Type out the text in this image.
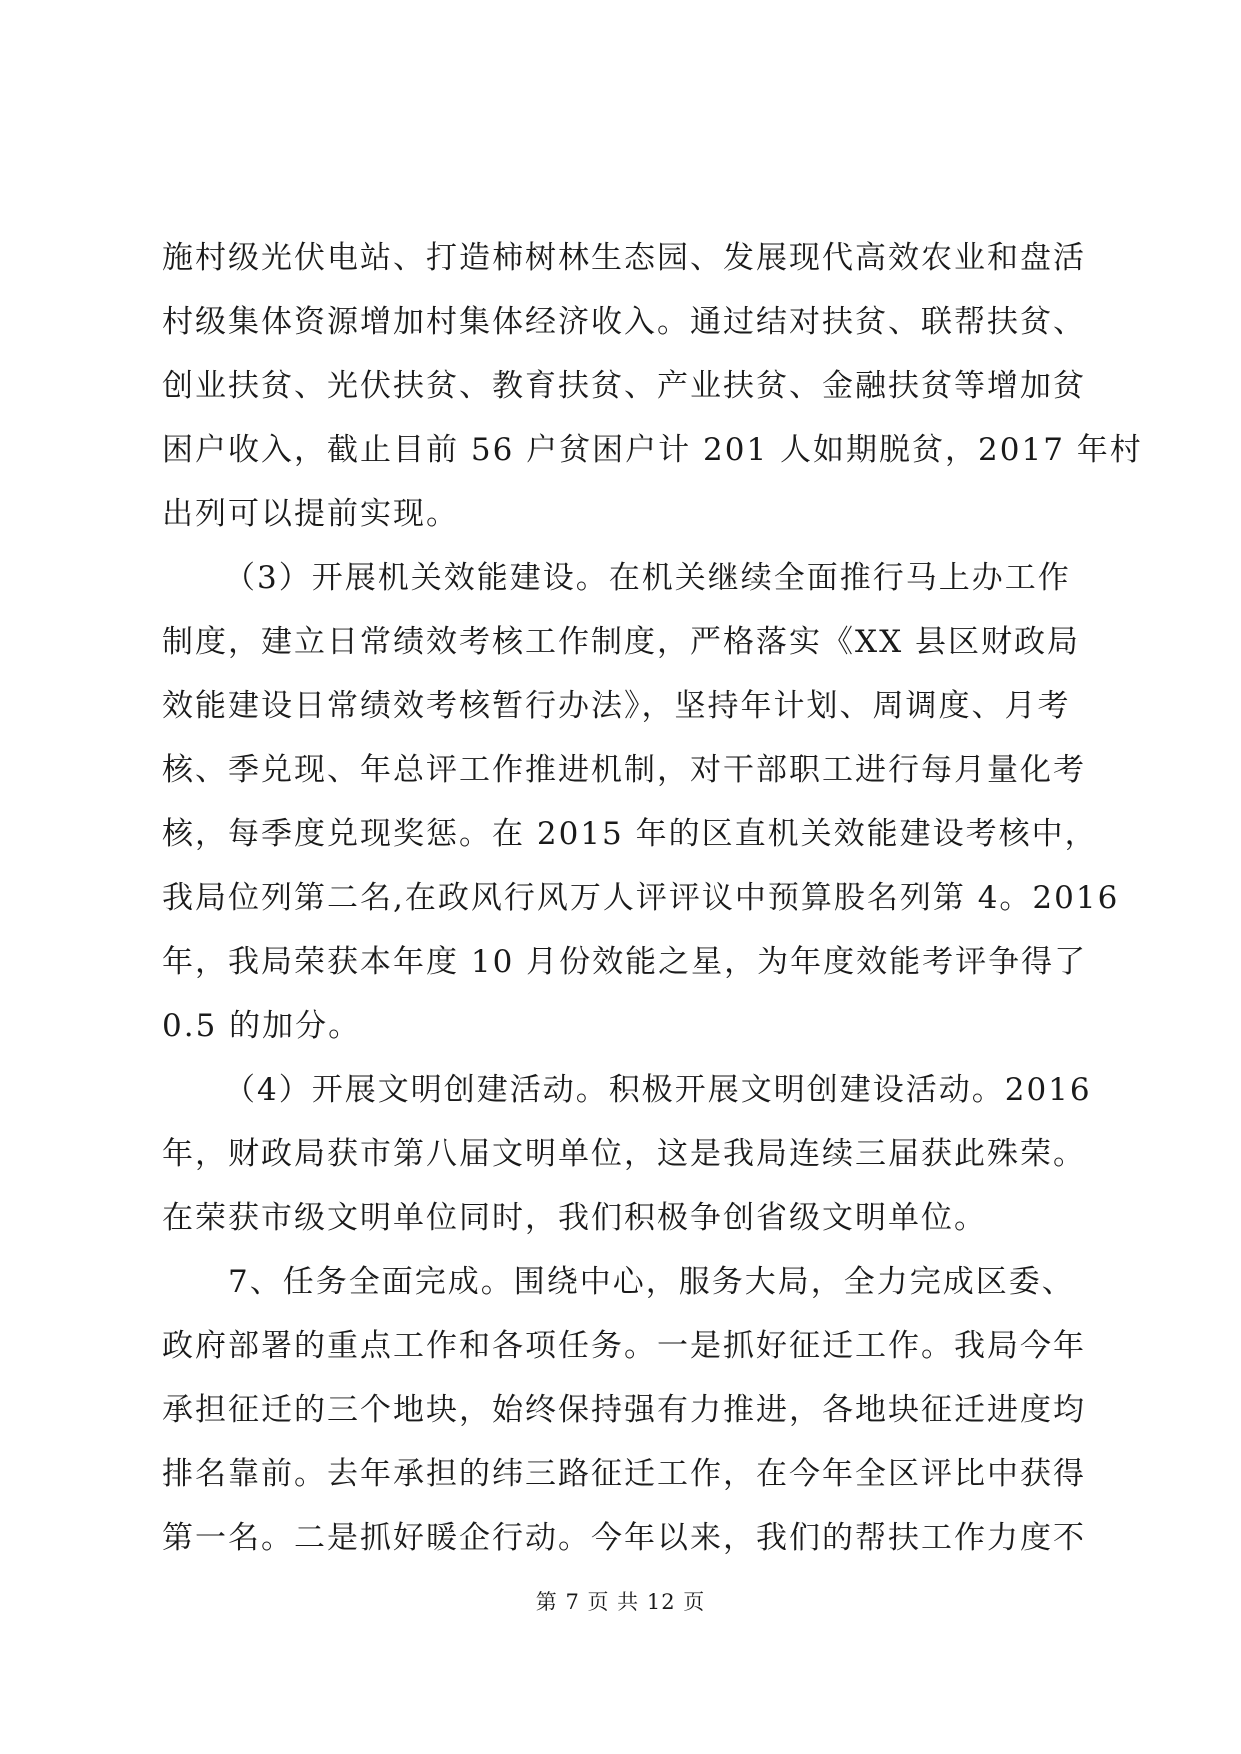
施村级光伏电站、打造柿树林生态园、发展现代高效农业和盘活
村级集体资源增加村集体经济收入。通过结对扶贫、联帮扶贫、
创业扶贫、光伏扶贫、教育扶贫、产业扶贫、金融扶贫等增加贫
困户收入，截止目前 56 户贫困户计 201 人如期脱贫，2017 年村
出列可以提前实现。
（3）开展机关效能建设。在机关继续全面推行马上办工作
制度，建立日常绩效考核工作制度，严格落实《XX 县区财政局
效能建设日常绩效考核暂行办法》，坚持年计划、周调度、月考
核、季兑现、年总评工作推进机制，对干部职工进行每月量化考
核，每季度兑现奖惩。在 2015 年的区直机关效能建设考核中，
我局位列第二名,在政风行风万人评评议中预算股名列第 4。2016
年，我局荣获本年度 10 月份效能之星，为年度效能考评争得了
0.5 的加分。
（4）开展文明创建活动。积极开展文明创建设活动。2016
年，财政局获市第八届文明单位，这是我局连续三届获此殊荣。
在荣获市级文明单位同时，我们积极争创省级文明单位。
7、任务全面完成。围绕中心，服务大局，全力完成区委、
政府部署的重点工作和各项任务。一是抓好征迁工作。我局今年
承担征迁的三个地块，始终保持强有力推进，各地块征迁进度均
排名靠前。去年承担的纬三路征迁工作，在今年全区评比中获得
第一名。二是抓好暖企行动。今年以来，我们的帮扶工作力度不
第 7 页 共 12 页
